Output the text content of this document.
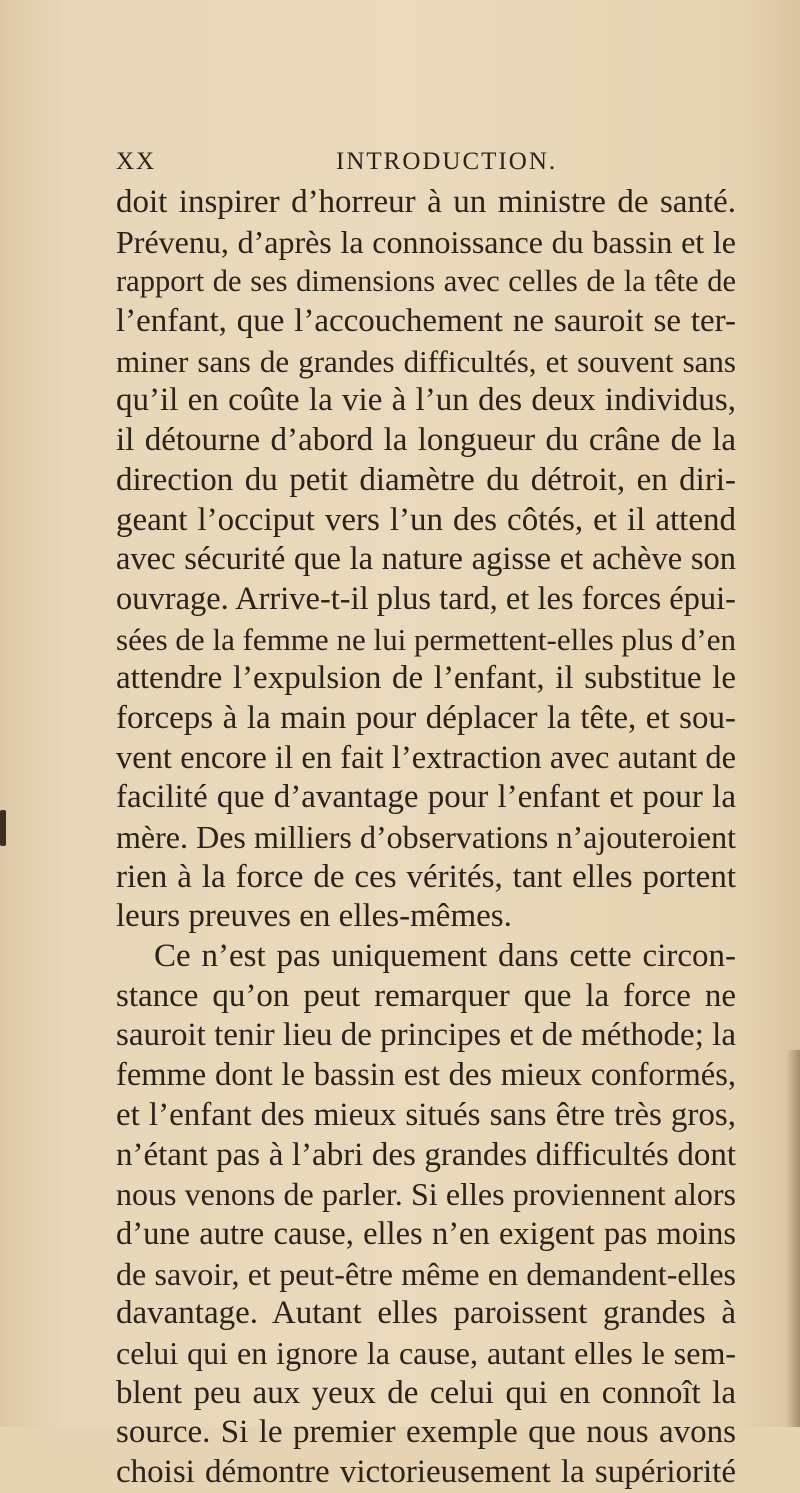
XX	INTRODUCTION.
doit inspirer d’horreur à un ministre de santé.
Prévenu, d’après la connoissance du bassin et le
rapport de ses dimensions avec celles de la tête de
l’enfant, que l’accouchement ne sauroit se ter-
miner sans de grandes difficultés, et souvent sans
qu’il en coûte la vie à l’un des deux individus,
il détourne d’abord la longueur du crâne de la
direction du petit diamètre du détroit, en diri-
geant l’occiput vers l’un des côtés, et il attend
avec sécurité que la nature agisse et achève son
ouvrage. Arrive-t-il plus tard, et les forces épui-
sées de la femme ne lui permettent-elles plus d’en
attendre l’expulsion de l’enfant, il substitue le
forceps à la main pour déplacer la tête, et sou-
vent encore il en fait l’extraction avec autant de
facilité que d’avantage pour l’enfant et pour la
mère. Des milliers d’observations n’ajouteroient
rien à la force de ces vérités, tant elles portent
leurs preuves en elles-mêmes.
Ce n’est pas uniquement dans cette circon-
stance qu’on peut remarquer que la force ne
sauroit tenir lieu de principes et de méthode; la
femme dont le bassin est des mieux conformés,
et l’enfant des mieux situés sans être très gros,
n’étant pas à l’abri des grandes difficultés dont
nous venons de parler. Si elles proviennent alors
d’une autre cause, elles n’en exigent pas moins
de savoir, et peut-être même en demandent-elles
davantage. Autant elles paroissent grandes à
celui qui en ignore la cause, autant elles le sem-
blent peu aux yeux de celui qui en connoît la
source. Si le premier exemple que nous avons
choisi démontre victorieusement la supériorité
